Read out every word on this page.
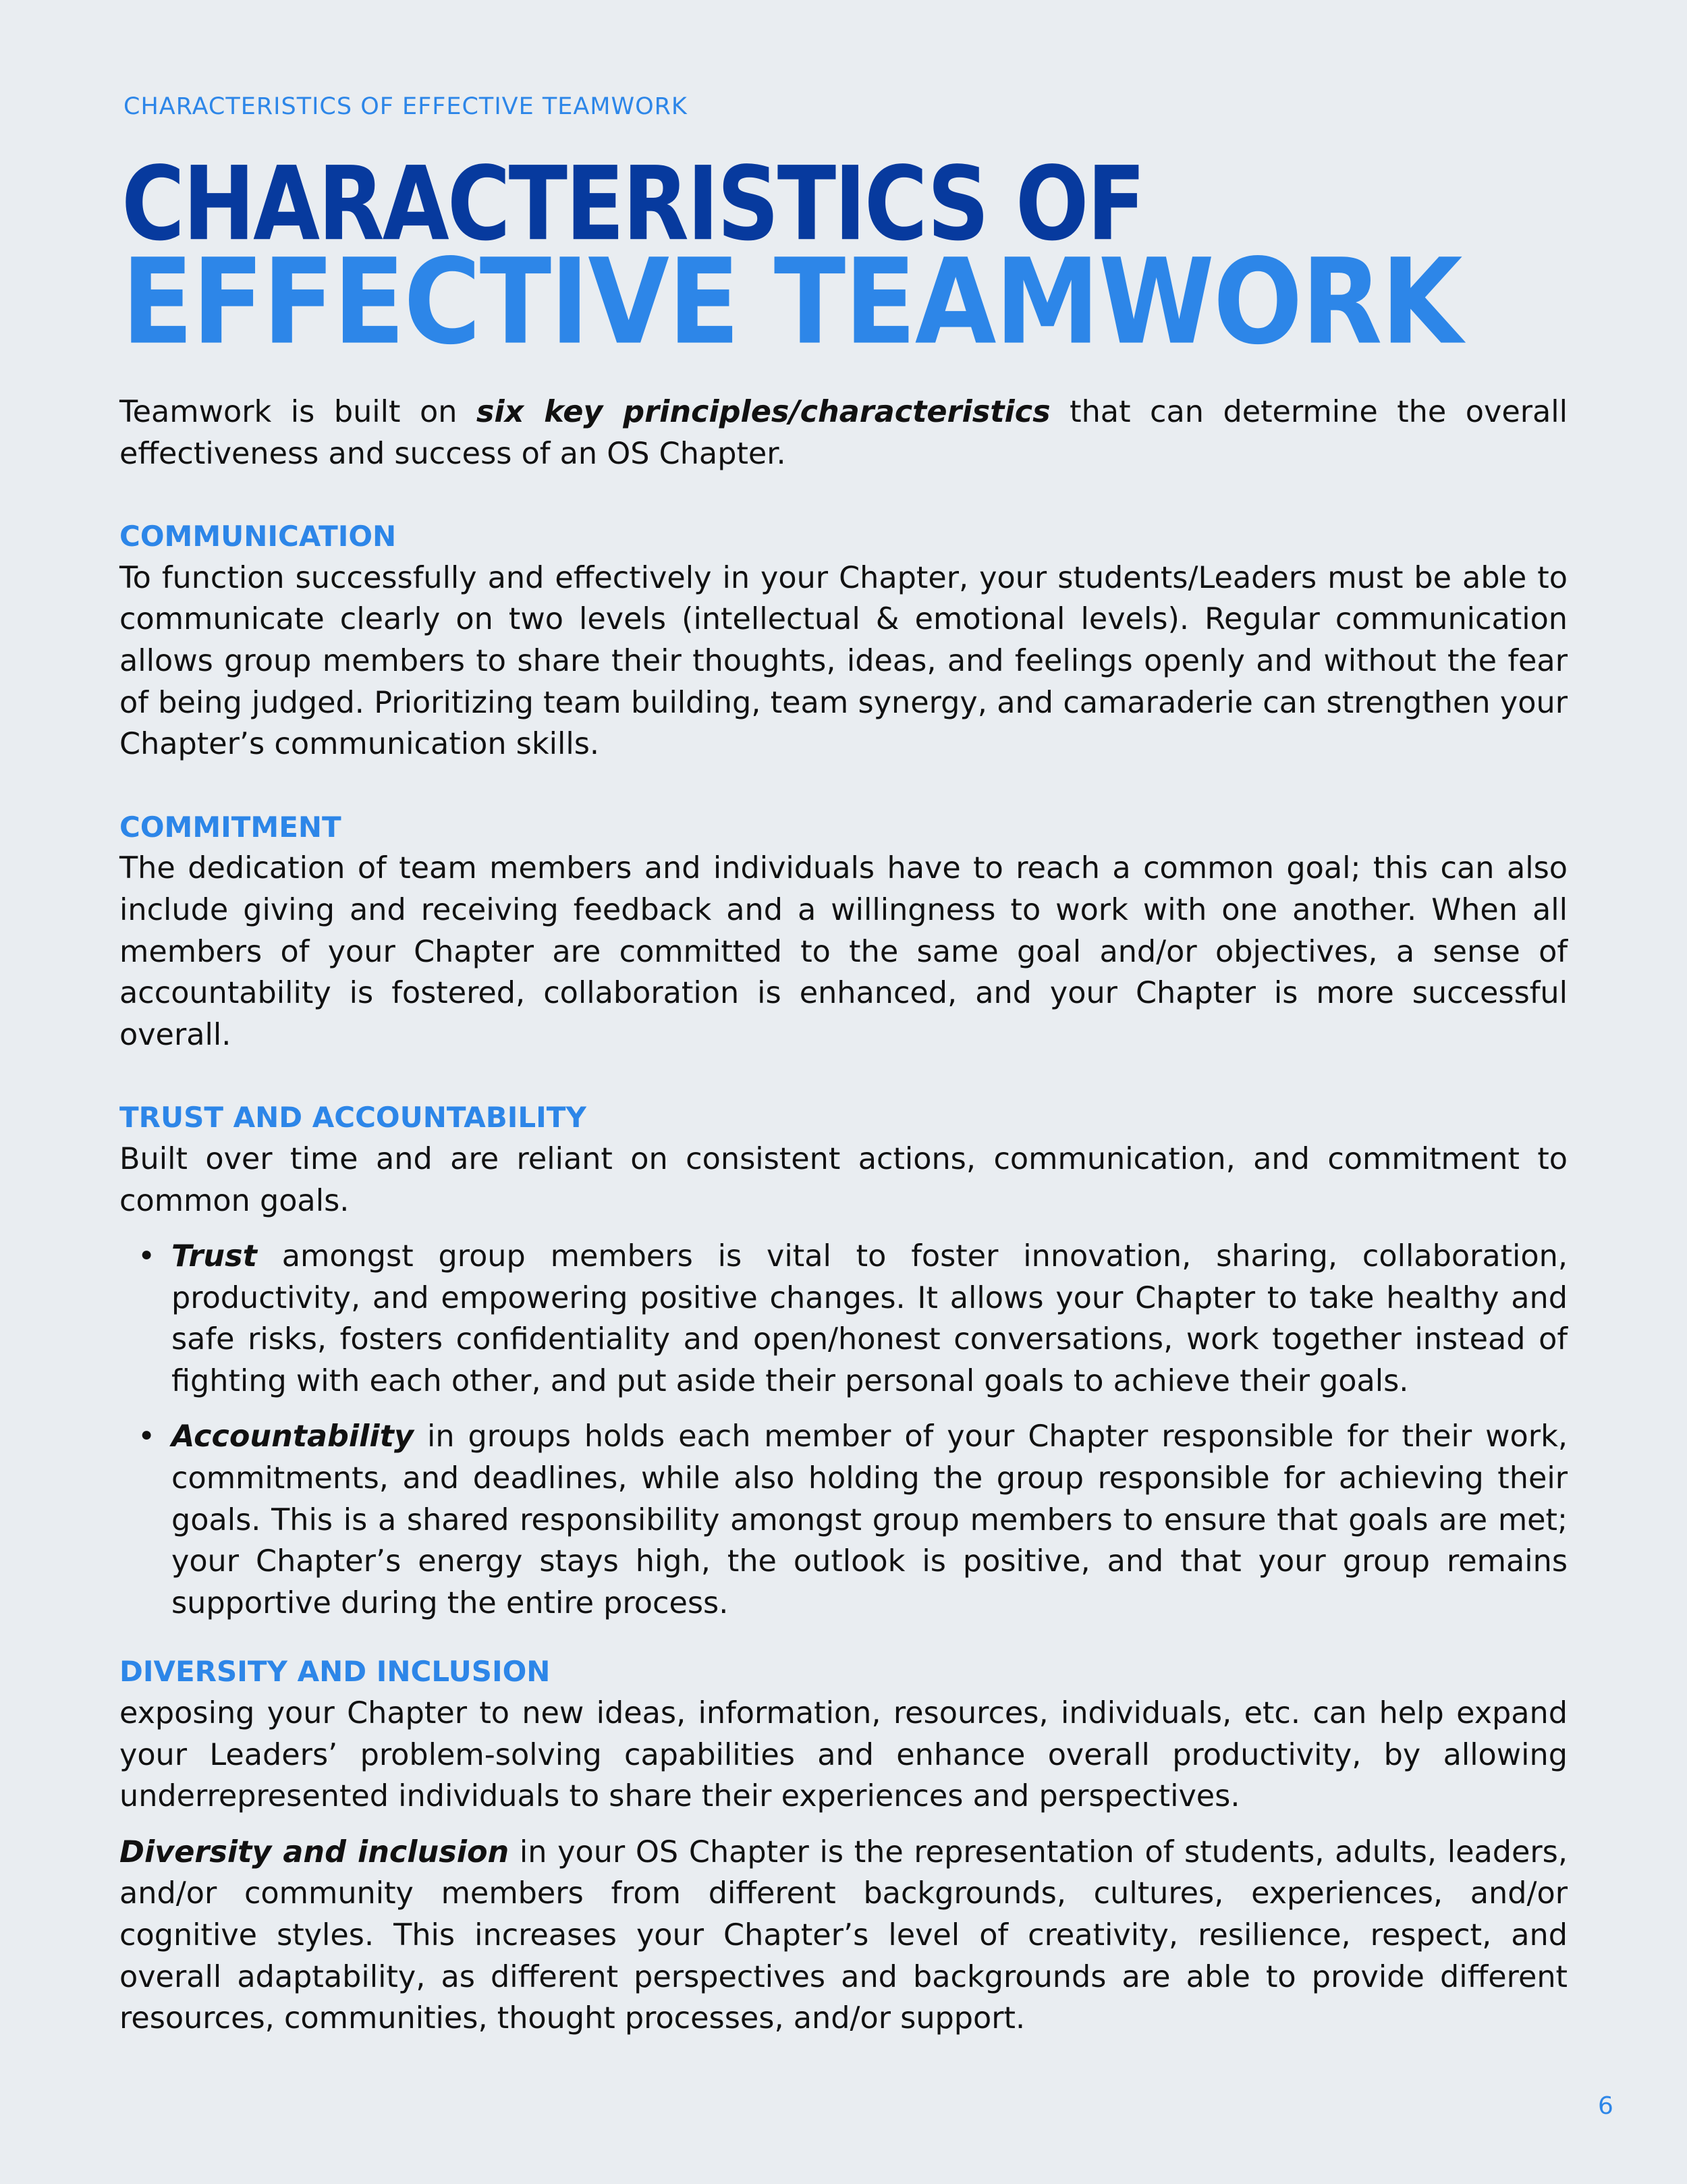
CHARACTERISTICS OF EFFECTIVE TEAMWORK
CHARACTERISTICS OF
EFFECTIVE TEAMWORK

Teamwork is built on six key principles/characteristics that can determine the overall effectiveness and success of an OS Chapter.

COMMUNICATION

To function successfully and effectively in your Chapter, your students/Leaders must be able to communicate clearly on two levels (intellectual & emotional levels). Regular communication allows group members to share their thoughts, ideas, and feelings openly and without the fear of being judged. Prioritizing team building, team synergy, and camaraderie can strengthen your Chapter’s communication skills.

COMMITMENT

The dedication of team members and individuals have to reach a common goal; this can also include giving and receiving feedback and a willingness to work with one another. When all members of your Chapter are committed to the same goal and/or objectives, a sense of accountability is fostered, collaboration is enhanced, and your Chapter is more successful overall.

TRUST AND ACCOUNTABILITY

Built over time and are reliant on consistent actions, communication, and commitment to common goals.

• Trust amongst group members is vital to foster innovation, sharing, collaboration, productivity, and empowering positive changes. It allows your Chapter to take healthy and safe risks, fosters confidentiality and open/honest conversations, work together instead of fighting with each other, and put aside their personal goals to achieve their goals.
• Accountability in groups holds each member of your Chapter responsible for their work, commitments, and deadlines, while also holding the group responsible for achieving their goals. This is a shared responsibility amongst group members to ensure that goals are met; your Chapter’s energy stays high, the outlook is positive, and that your group remains supportive during the entire process.
DIVERSITY AND INCLUSION

exposing your Chapter to new ideas, information, resources, individuals, etc. can help expand your Leaders’ problem-solving capabilities and enhance overall productivity, by allowing underrepresented individuals to share their experiences and perspectives.

Diversity and inclusion in your OS Chapter is the representation of students, adults, leaders, and/or community members from different backgrounds, cultures, experiences, and/or cognitive styles. This increases your Chapter’s level of creativity, resilience, respect, and overall adaptability, as different perspectives and backgrounds are able to provide different resources, communities, thought processes, and/or support.

6
